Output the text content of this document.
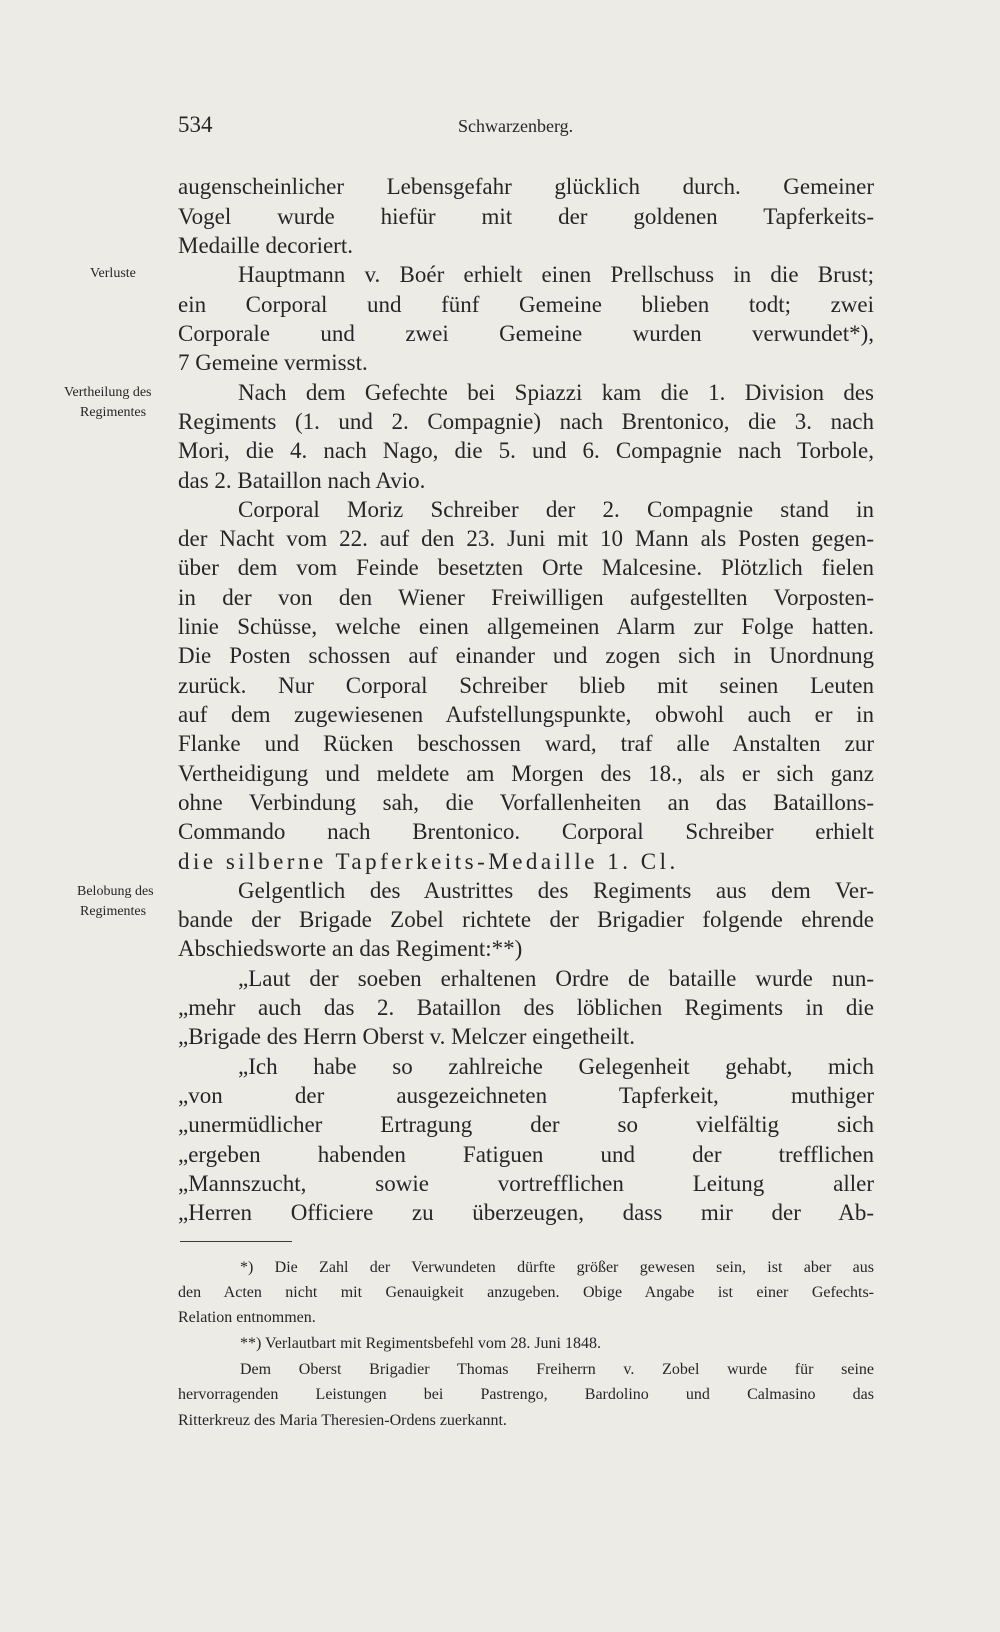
534	Schwarzenberg.
Verluste
Vertheilung des
Regimentes
Belobung des
Regimentes
augenscheinlicher Lebensgefahr glücklich durch. Gemeiner
Vogel wurde hiefür mit der goldenen Tapferkeits-
Medaille decoriert.
Hauptmann v. Boér erhielt einen Prellschuss in die Brust;
ein Corporal und fünf Gemeine blieben todt; zwei
Corporale und zwei Gemeine wurden verwundet*),
7 Gemeine vermisst.
Nach dem Gefechte bei Spiazzi kam die 1. Division des
Regiments (1. und 2. Compagnie) nach Brentonico, die 3. nach
Mori, die 4. nach Nago, die 5. und 6. Compagnie nach Torbole,
das 2. Bataillon nach Avio.
Corporal Moriz Schreiber der 2. Compagnie stand in
der Nacht vom 22. auf den 23. Juni mit 10 Mann als Posten gegen-
über dem vom Feinde besetzten Orte Malcesine. Plötzlich fielen
in der von den Wiener Freiwilligen aufgestellten Vorposten-
linie Schüsse, welche einen allgemeinen Alarm zur Folge hatten.
Die Posten schossen auf einander und zogen sich in Unordnung
zurück. Nur Corporal Schreiber blieb mit seinen Leuten
auf dem zugewiesenen Aufstellungspunkte, obwohl auch er in
Flanke und Rücken beschossen ward, traf alle Anstalten zur
Vertheidigung und meldete am Morgen des 18., als er sich ganz
ohne Verbindung sah, die Vorfallenheiten an das Bataillons-
Commando nach Brentonico. Corporal Schreiber erhielt
die silberne Tapferkeits-Medaille 1. Cl.
Gelgentlich des Austrittes des Regiments aus dem Ver-
bande der Brigade Zobel richtete der Brigadier folgende ehrende
Abschiedsworte an das Regiment:**)
„Laut der soeben erhaltenen Ordre de bataille wurde nun-
„mehr auch das 2. Bataillon des löblichen Regiments in die
„Brigade des Herrn Oberst v. Melczer eingetheilt.
„Ich habe so zahlreiche Gelegenheit gehabt, mich
„von der ausgezeichneten Tapferkeit, muthiger
„unermüdlicher Ertragung der so vielfältig sich
„ergeben habenden Fatiguen und der trefflichen
„Mannszucht, sowie vortrefflichen Leitung aller
„Herren Officiere zu überzeugen, dass mir der Ab-
*) Die Zahl der Verwundeten dürfte größer gewesen sein, ist aber aus
den Acten nicht mit Genauigkeit anzugeben. Obige Angabe ist einer Gefechts-
Relation entnommen.
**) Verlautbart mit Regimentsbefehl vom 28. Juni 1848.
Dem Oberst Brigadier Thomas Freiherrn v. Zobel wurde für seine
hervorragenden Leistungen bei Pastrengo, Bardolino und Calmasino das
Ritterkreuz des Maria Theresien-Ordens zuerkannt.
